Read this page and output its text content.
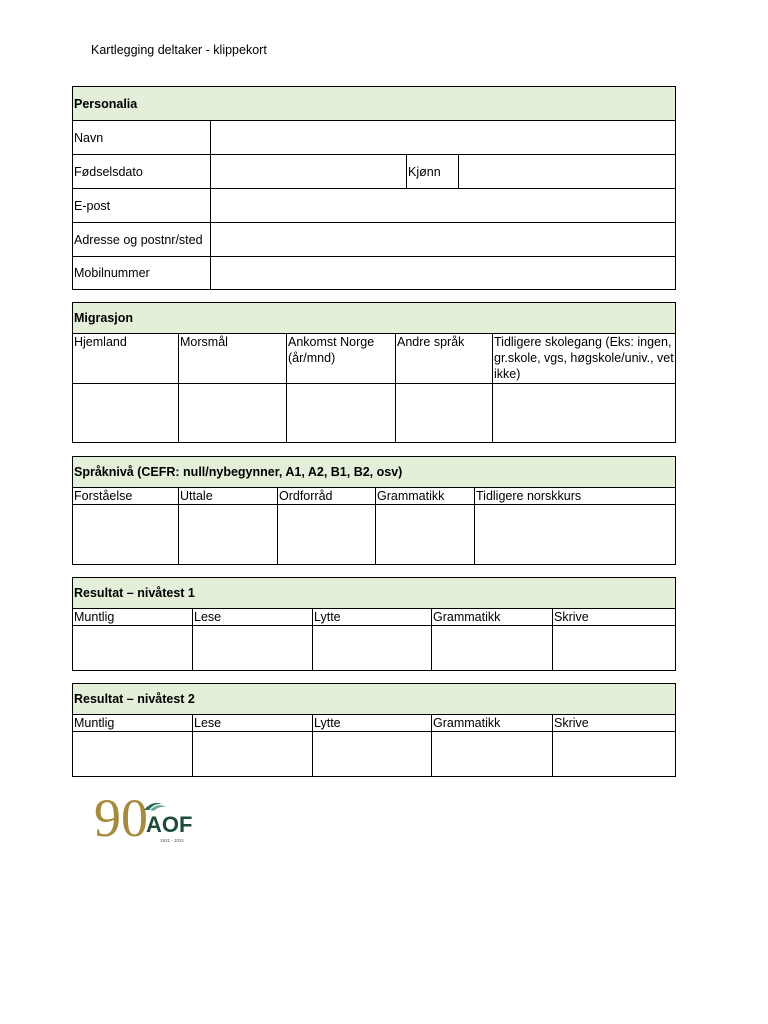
Kartlegging deltaker - klippekort
Personalia			
Navn			
Fødselsdato		Kjønn	
E-post			
Adresse og postnr/sted			
Mobilnummer			
Migrasjon				
Hjemland	Morsmål	Ankomst Norge (år/mnd)	Andre språk	Tidligere skolegang (Eks: ingen, gr.skole, vgs, høgskole/univ., vet ikke)

Språknivå (CEFR: null/nybegynner, A1, A2, B1, B2, osv)				
Forståelse	Uttale	Ordforråd	Grammatikk	Tidligere norskkurs

Resultat – nivåtest 1				
Muntlig	Lese	Lytte	Grammatikk	Skrive

Resultat – nivåtest 2				
Muntlig	Lese	Lytte	Grammatikk	Skrive

90
AOF
1931 - 2021
